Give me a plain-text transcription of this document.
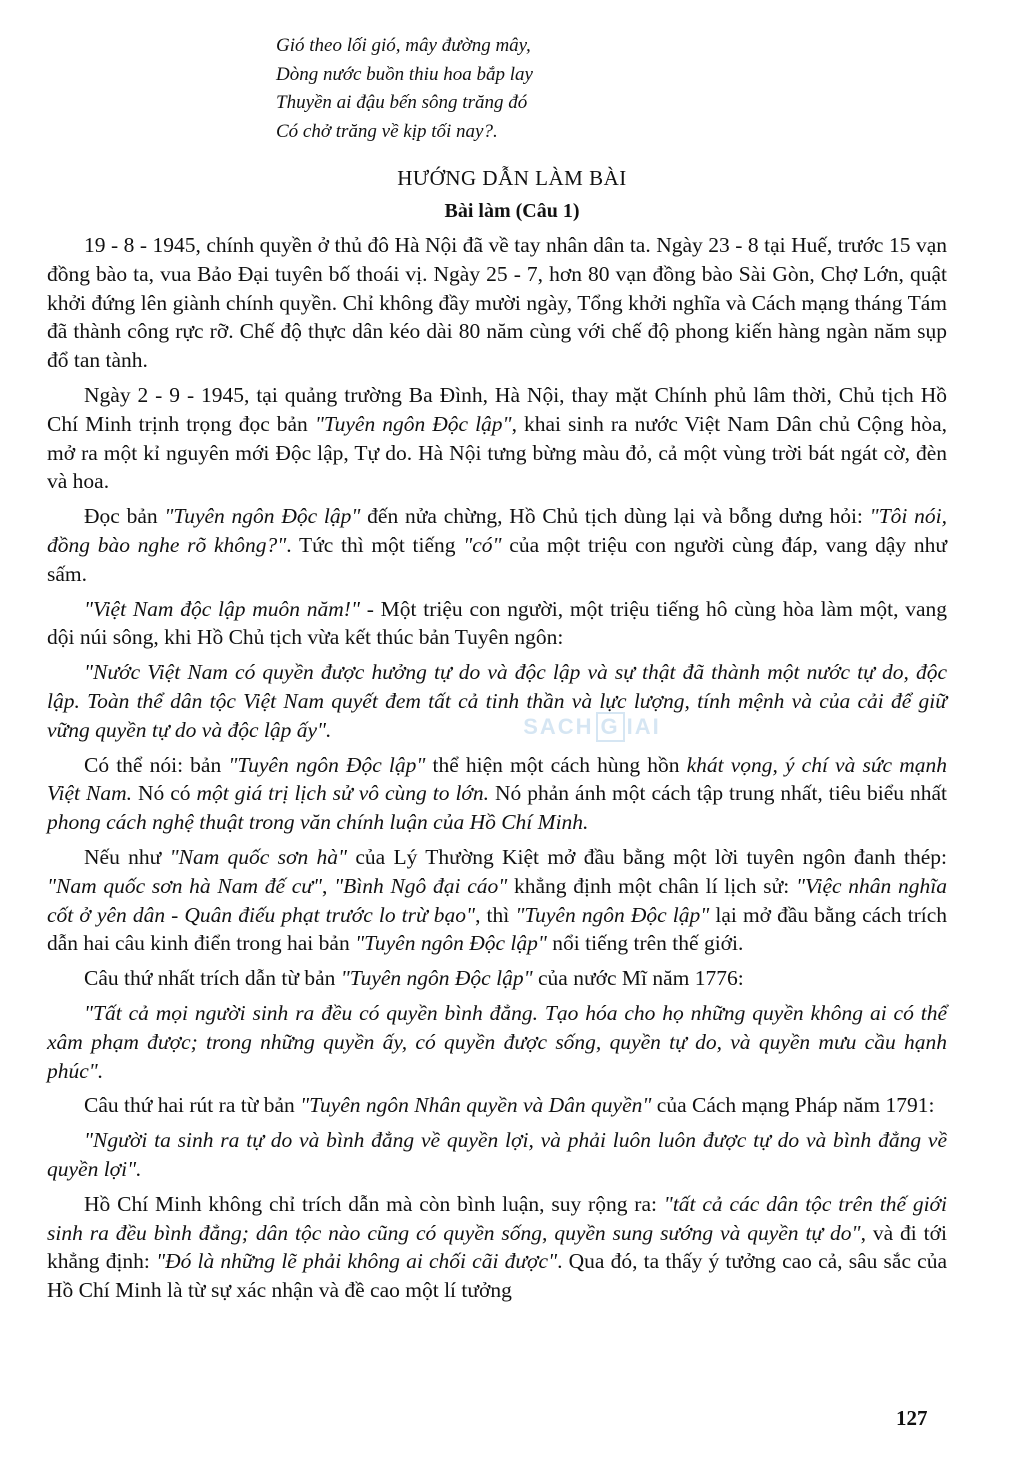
Gió theo lối gió, mây đường mây,
Dòng nước buồn thiu hoa bắp lay
Thuyền ai đậu bến sông trăng đó
Có chở trăng về kịp tối nay?.
HƯỚNG DẪN LÀM BÀI
Bài làm (Câu 1)
SACH G IAI

19 - 8 - 1945, chính quyền ở thủ đô Hà Nội đã về tay nhân dân ta. Ngày 23 - 8 tại Huế, trước 15 vạn đồng bào ta, vua Bảo Đại tuyên bố thoái vị. Ngày 25 - 7, hơn 80 vạn đồng bào Sài Gòn, Chợ Lớn, quật khởi đứng lên giành chính quyền. Chỉ không đầy mười ngày, Tổng khởi nghĩa và Cách mạng tháng Tám đã thành công rực rỡ. Chế độ thực dân kéo dài 80 năm cùng với chế độ phong kiến hàng ngàn năm sụp đổ tan tành.

Ngày 2 - 9 - 1945, tại quảng trường Ba Đình, Hà Nội, thay mặt Chính phủ lâm thời, Chủ tịch Hồ Chí Minh trịnh trọng đọc bản "Tuyên ngôn Độc lập", khai sinh ra nước Việt Nam Dân chủ Cộng hòa, mở ra một kỉ nguyên mới Độc lập, Tự do. Hà Nội tưng bừng màu đỏ, cả một vùng trời bát ngát cờ, đèn và hoa.

Đọc bản "Tuyên ngôn Độc lập" đến nửa chừng, Hồ Chủ tịch dùng lại và bỗng dưng hỏi: "Tôi nói, đồng bào nghe rõ không?". Tức thì một tiếng "có" của một triệu con người cùng đáp, vang dậy như sấm.

"Việt Nam độc lập muôn năm!" - Một triệu con người, một triệu tiếng hô cùng hòa làm một, vang dội núi sông, khi Hồ Chủ tịch vừa kết thúc bản Tuyên ngôn:

"Nước Việt Nam có quyền được hưởng tự do và độc lập và sự thật đã thành một nước tự do, độc lập. Toàn thể dân tộc Việt Nam quyết đem tất cả tinh thần và lực lượng, tính mệnh và của cải để giữ vững quyền tự do và độc lập ấy".

Có thể nói: bản "Tuyên ngôn Độc lập" thể hiện một cách hùng hồn khát vọng, ý chí và sức mạnh Việt Nam. Nó có một giá trị lịch sử vô cùng to lớn. Nó phản ánh một cách tập trung nhất, tiêu biểu nhất phong cách nghệ thuật trong văn chính luận của Hồ Chí Minh.

Nếu như "Nam quốc sơn hà" của Lý Thường Kiệt mở đầu bằng một lời tuyên ngôn đanh thép: "Nam quốc sơn hà Nam đế cư", "Bình Ngô đại cáo" khẳng định một chân lí lịch sử: "Việc nhân nghĩa cốt ở yên dân - Quân điếu phạt trước lo trừ bạo", thì "Tuyên ngôn Độc lập" lại mở đầu bằng cách trích dẫn hai câu kinh điển trong hai bản "Tuyên ngôn Độc lập" nổi tiếng trên thế giới.

Câu thứ nhất trích dẫn từ bản "Tuyên ngôn Độc lập" của nước Mĩ năm 1776:

"Tất cả mọi người sinh ra đều có quyền bình đẳng. Tạo hóa cho họ những quyền không ai có thể xâm phạm được; trong những quyền ấy, có quyền được sống, quyền tự do, và quyền mưu cầu hạnh phúc".

Câu thứ hai rút ra từ bản "Tuyên ngôn Nhân quyền và Dân quyền" của Cách mạng Pháp năm 1791:

"Người ta sinh ra tự do và bình đẳng về quyền lợi, và phải luôn luôn được tự do và bình đẳng về quyền lợi".

Hồ Chí Minh không chỉ trích dẫn mà còn bình luận, suy rộng ra: "tất cả các dân tộc trên thế giới sinh ra đều bình đẳng; dân tộc nào cũng có quyền sống, quyền sung sướng và quyền tự do", và đi tới khẳng định: "Đó là những lẽ phải không ai chối cãi được". Qua đó, ta thấy ý tưởng cao cả, sâu sắc của Hồ Chí Minh là từ sự xác nhận và đề cao một lí tưởng

127
